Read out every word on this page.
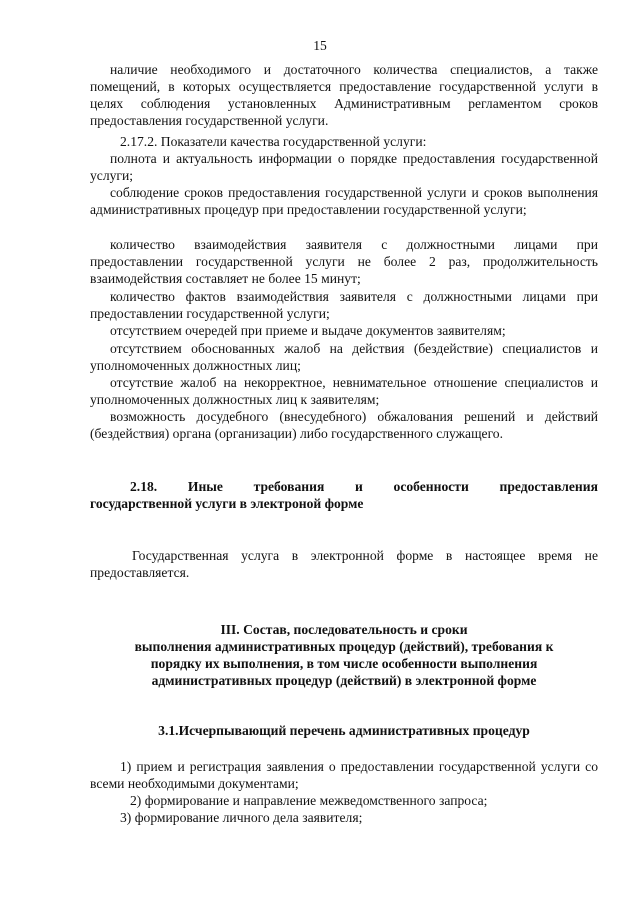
15
наличие необходимого и достаточного количества специалистов, а также помещений, в которых осуществляется предоставление государственной услуги в целях соблюдения установленных Административным регламентом сроков предоставления государственной услуги.
2.17.2. Показатели качества государственной услуги:
полнота и актуальность информации о порядке предоставления государственной услуги;
соблюдение сроков предоставления государственной услуги и сроков выполнения административных процедур при предоставлении государственной услуги;
количество взаимодействия заявителя с должностными лицами при предоставлении государственной услуги не более 2 раз, продолжительность взаимодействия составляет не более 15 минут;
количество фактов взаимодействия заявителя с должностными лицами при предоставлении государственной услуги;
отсутствием очередей при приеме и выдаче документов заявителям;
отсутствием обоснованных жалоб на действия (бездействие) специалистов и уполномоченных должностных лиц;
отсутствие жалоб на некорректное, невнимательное отношение специалистов и уполномоченных должностных лиц к заявителям;
возможность досудебного (внесудебного) обжалования решений и действий (бездействия) органа (организации) либо государственного служащего.
2.18. Иные требования и особенности предоставления
государственной услуги в электроной форме
Государственная услуга в электронной форме в настоящее время не предоставляется.
III. Состав, последовательность и сроки
выполнения административных процедур (действий), требования к
порядку их выполнения, в том числе особенности выполнения
административных процедур (действий) в электронной форме
3.1.Исчерпывающий перечень административных процедур
1) прием и регистрация заявления о предоставлении государственной услуги со всеми необходимыми документами;
2) формирование и направление межведомственного запроса;
3) формирование личного дела заявителя;
